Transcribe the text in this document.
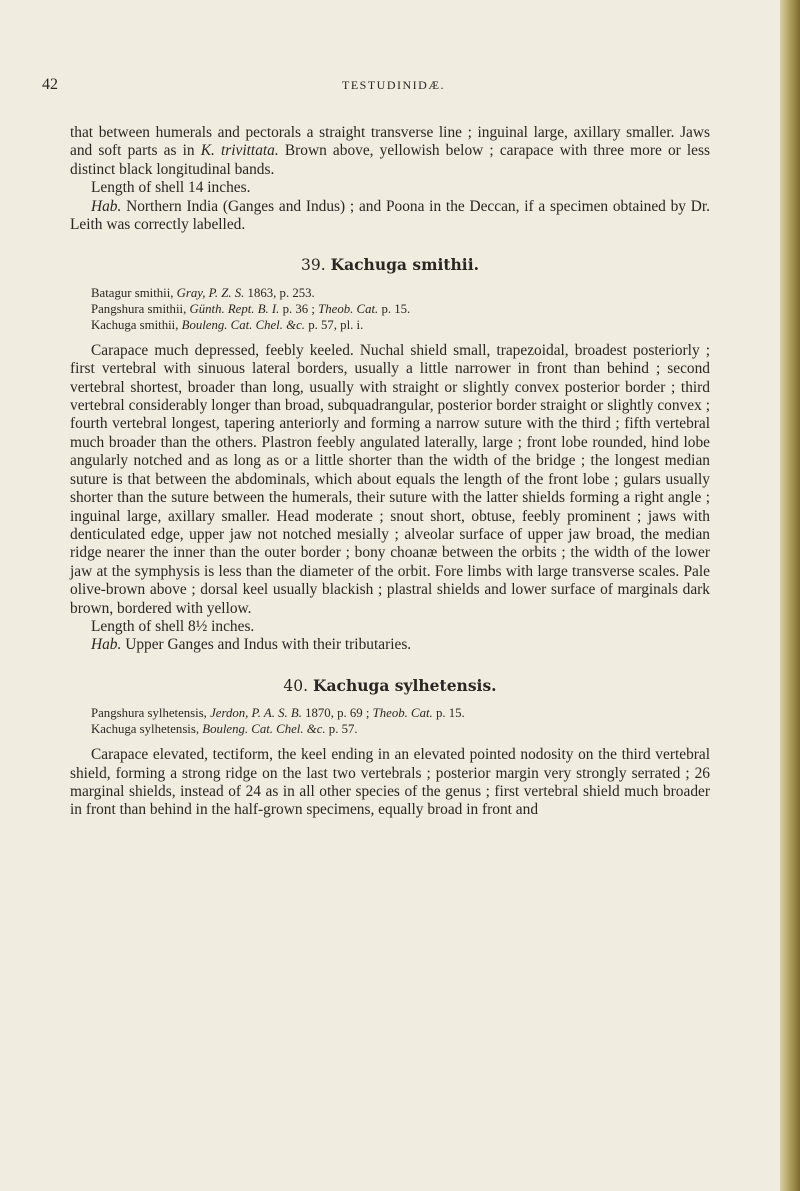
42	TESTUDINIDÆ.

that between humerals and pectorals a straight transverse line ; inguinal large, axillary smaller. Jaws and soft parts as in K. trivittata. Brown above, yellowish below ; carapace with three more or less distinct black longitudinal bands.

Length of shell 14 inches.

Hab. Northern India (Ganges and Indus) ; and Poona in the Deccan, if a specimen obtained by Dr. Leith was correctly labelled.

39. Kachuga smithii.

Batagur smithii, Gray, P. Z. S. 1863, p. 253.

Pangshura smithii, Günth. Rept. B. I. p. 36 ; Theob. Cat. p. 15.

Kachuga smithii, Bouleng. Cat. Chel. &c. p. 57, pl. i.

Carapace much depressed, feebly keeled. Nuchal shield small, trapezoidal, broadest posteriorly ; first vertebral with sinuous lateral borders, usually a little narrower in front than behind ; second vertebral shortest, broader than long, usually with straight or slightly convex posterior border ; third vertebral considerably longer than broad, subquadrangular, posterior border straight or slightly convex ; fourth vertebral longest, tapering anteriorly and forming a narrow suture with the third ; fifth vertebral much broader than the others. Plastron feebly angulated laterally, large ; front lobe rounded, hind lobe angularly notched and as long as or a little shorter than the width of the bridge ; the longest median suture is that between the abdominals, which about equals the length of the front lobe ; gulars usually shorter than the suture between the humerals, their suture with the latter shields forming a right angle ; inguinal large, axillary smaller. Head moderate ; snout short, obtuse, feebly prominent ; jaws with denticulated edge, upper jaw not notched mesially ; alveolar surface of upper jaw broad, the median ridge nearer the inner than the outer border ; bony choanæ between the orbits ; the width of the lower jaw at the symphysis is less than the diameter of the orbit. Fore limbs with large transverse scales. Pale olive-brown above ; dorsal keel usually blackish ; plastral shields and lower surface of marginals dark brown, bordered with yellow.

Length of shell 8½ inches.

Hab. Upper Ganges and Indus with their tributaries.

40. Kachuga sylhetensis.

Pangshura sylhetensis, Jerdon, P. A. S. B. 1870, p. 69 ; Theob. Cat. p. 15.

Kachuga sylhetensis, Bouleng. Cat. Chel. &c. p. 57.

Carapace elevated, tectiform, the keel ending in an elevated pointed nodosity on the third vertebral shield, forming a strong ridge on the last two vertebrals ; posterior margin very strongly serrated ; 26 marginal shields, instead of 24 as in all other species of the genus ; first vertebral shield much broader in front than behind in the half-grown specimens, equally broad in front and
